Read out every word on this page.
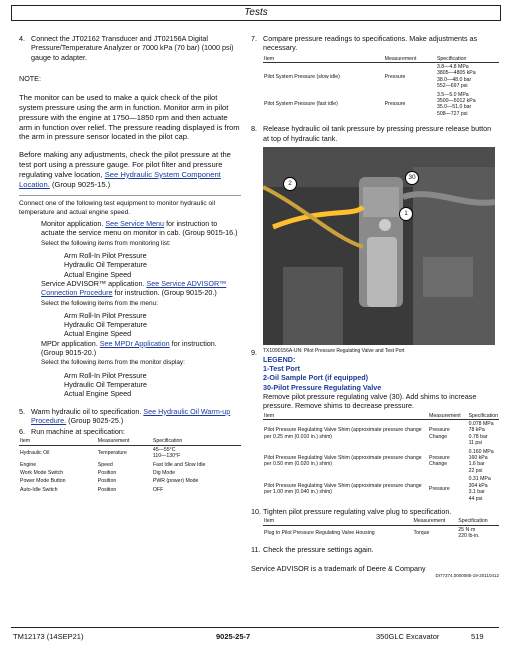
Tests
4. Connect the JT02162 Transducer and JT02156A Digital Pressure/Temperature Analyzer or 7000 kPa (70 bar) (1000 psi) gauge to adapter.
NOTE:
The monitor can be used to make a quick check of the pilot system pressure using the arm in function. Monitor arm in pilot pressure with the engine at 1750—1850 rpm and then actuate arm in function over relief. The pressure reading displayed is from the arm in pressure sensor located in the pilot cap.
Before making any adjustments, check the pilot pressure at the test port using a pressure gauge. For pilot filter and pressure regulating valve location, See Hydraulic System Component Location. (Group 9025-15.)
Connect one of the following test equipment to monitor hydraulic oil temperature and actual engine speed.
Monitor application. See Service Menu for instruction to actuate the service menu on monitor in cab. (Group 9015-16.)
Select the following items from monitoring list:
Arm Roll-In Pilot Pressure
Hydraulic Oil Temperature
Actual Engine Speed
Service ADVISOR™ application. See Service ADVISOR™ Connection Procedure for instruction. (Group 9015-20.)
Select the following items from the menu:
Arm Roll-In Pilot Pressure
Hydraulic Oil Temperature
Actual Engine Speed
MPDr application. See MPDr Application for instruction. (Group 9015-20.)
Select the following items from the monitor display:
Arm Roll-In Pilot Pressure
Hydraulic Oil Temperature
Actual Engine Speed
5. Warm hydraulic oil to specification. See Hydraulic Oil Warm-up Procedure. (Group 9025-25.)
6. Run machine at specification:
Item	Measurement	Specification
Hydraulic Oil	Temperature	45—55°C
110—130°F
Engine	Speed	Fast Idle and Slow Idle
Work Mode Switch	Position	Dig Mode
Power Mode Button	Position	PWR (power) Mode
Auto-Idle Switch	Position	OFF
7. Compare pressure readings to specifications. Make adjustments as necessary.
Item	Measurement	Specification
Pilot System Pressure (slow idle)	Pressure	3.8—4.8 MPa
3805—4805 kPa
38.0—48.0 bar
552—697 psi
Pilot System Pressure (fast idle)	Pressure	3.5—5.0 MPa
3500—5012 kPa
35.0—51.0 bar
508—727 psi
8. Release hydraulic oil tank pressure by pressing pressure release button at top of hydraulic tank.
2
30
1
9.	TX1090156A-UN: Pilot Pressure Regulating Valve and Test Port
LEGEND:
1-Test Port
2-Oil Sample Port (if equipped)
30-Pilot Pressure Regulating Valve
Remove pilot pressure regulating valve (30). Add shims to increase pressure. Remove shims to decrease pressure.
Item	Measurement	Specification
Pilot Pressure Regulating Valve Shim (approximate pressure change per 0.25 mm (0.010 in.) shim)	Pressure Change	0.078 MPa
78 kPa
0.78 bar
11 psi
Pilot Pressure Regulating Valve Shim (approximate pressure change per 0.50 mm (0.020 in.) shim)	Pressure Change	0.160 MPa
160 kPa
1.6 bar
22 psi
Pilot Pressure Regulating Valve Shim (approximate pressure change per 1.00 mm (0.040 in.) shim)	Pressure	0.31 MPa
304 kPa
3.1 bar
44 psi
10. Tighten pilot pressure regulating valve plug to specification.
Item	Measurement	Specification
Plug to Pilot Pressure Regulating Valve Housing	Torque	25 N·m
220 lb-in.
11. Check the pressure settings again.
Service ADVISOR is a trademark of Deere & Company
DI77374,0000085-19-20110412
TM12173 (14SEP21)	9025-25-7	350GLC Excavator	519
